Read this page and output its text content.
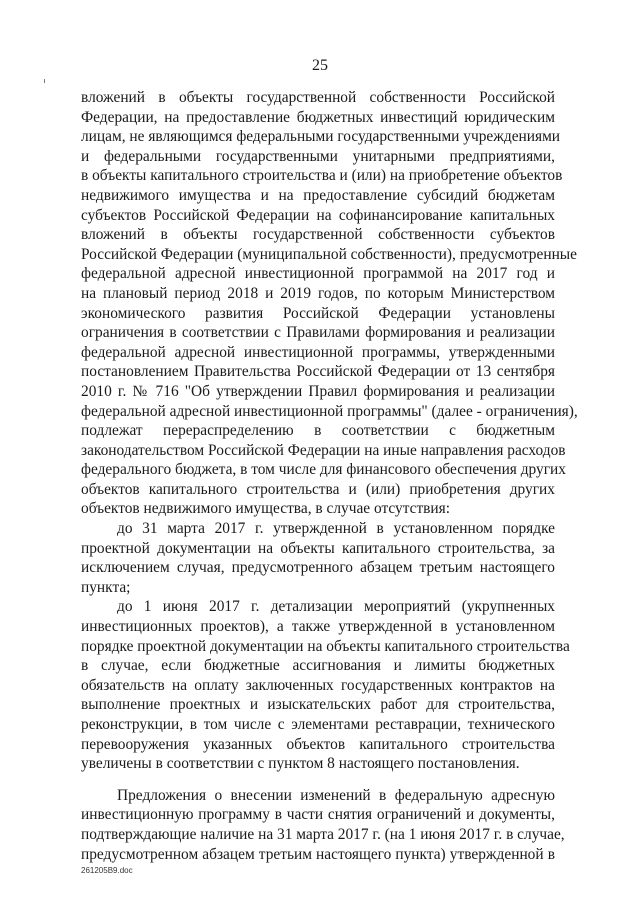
25
вложений в объекты государственной собственности Российской
Федерации, на предоставление бюджетных инвестиций юридическим
лицам, не являющимся федеральными государственными учреждениями
и федеральными государственными унитарными предприятиями,
в объекты капитального строительства и (или) на приобретение объектов
недвижимого имущества и на предоставление субсидий бюджетам
субъектов Российской Федерации на софинансирование капитальных
вложений в объекты государственной собственности субъектов
Российской Федерации (муниципальной собственности), предусмотренные
федеральной адресной инвестиционной программой на 2017 год и
на плановый период 2018 и 2019 годов, по которым Министерством
экономического развития Российской Федерации установлены
ограничения в соответствии с Правилами формирования и реализации
федеральной адресной инвестиционной программы, утвержденными
постановлением Правительства Российской Федерации от 13 сентября
2010 г. № 716 "Об утверждении Правил формирования и реализации
федеральной адресной инвестиционной программы" (далее - ограничения),
подлежат перераспределению в соответствии с бюджетным
законодательством Российской Федерации на иные направления расходов
федерального бюджета, в том числе для финансового обеспечения других
объектов капитального строительства и (или) приобретения других
объектов недвижимого имущества, в случае отсутствия:
до 31 марта 2017 г. утвержденной в установленном порядке
проектной документации на объекты капитального строительства, за
исключением случая, предусмотренного абзацем третьим настоящего
пункта;
до 1 июня 2017 г. детализации мероприятий (укрупненных
инвестиционных проектов), а также утвержденной в установленном
порядке проектной документации на объекты капитального строительства
в случае, если бюджетные ассигнования и лимиты бюджетных
обязательств на оплату заключенных государственных контрактов на
выполнение проектных и изыскательских работ для строительства,
реконструкции, в том числе с элементами реставрации, технического
перевооружения указанных объектов капитального строительства
увеличены в соответствии с пунктом 8 настоящего постановления.
Предложения о внесении изменений в федеральную адресную
инвестиционную программу в части снятия ограничений и документы,
подтверждающие наличие на 31 марта 2017 г. (на 1 июня 2017 г. в случае,
предусмотренном абзацем третьим настоящего пункта) утвержденной в
261205B9.doc
